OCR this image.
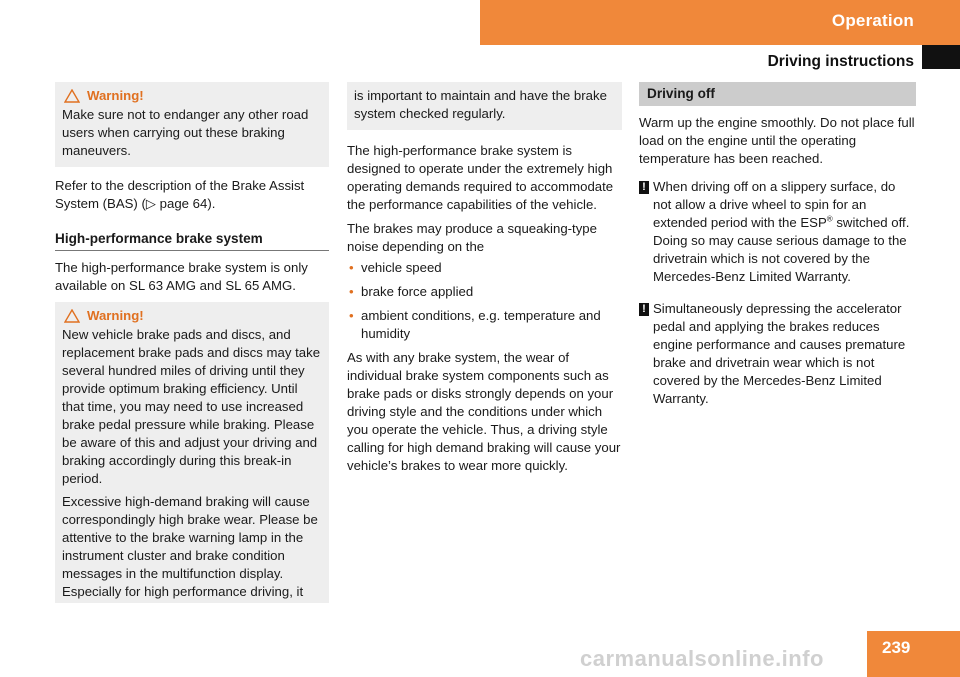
Operation
Driving instructions
Warning!

Make sure not to endanger any other road users when carrying out these braking maneuvers.

Refer to the description of the Brake Assist System (BAS) (▷ page 64).

High-performance brake system

The high-performance brake system is only available on SL 63 AMG and SL 65 AMG.

Warning!

New vehicle brake pads and discs, and replacement brake pads and discs may take several hundred miles of driving until they provide optimum braking efficiency. Until that time, you may need to use increased brake pedal pressure while braking. Please be aware of this and adjust your driving and braking accordingly during this break-in period.

Excessive high-demand braking will cause correspondingly high brake wear. Please be attentive to the brake warning lamp in the instrument cluster and brake condition messages in the multifunction display. Especially for high performance driving, it

is important to maintain and have the brake system checked regularly.

The high-performance brake system is designed to operate under the extremely high operating demands required to accommodate the performance capabilities of the vehicle.

The brakes may produce a squeaking-type noise depending on the

• vehicle speed
• brake force applied
• ambient conditions, e.g. temperature and humidity

As with any brake system, the wear of individual brake system components such as brake pads or disks strongly depends on your driving style and the conditions under which you operate the vehicle. Thus, a driving style calling for high demand braking will cause your vehicle’s brakes to wear more quickly.

Driving off

Warm up the engine smoothly. Do not place full load on the engine until the operating temperature has been reached.

! When driving off on a slippery surface, do not allow a drive wheel to spin for an extended period with the ESP® switched off. Doing so may cause serious damage to the drivetrain which is not covered by the Mercedes-Benz Limited Warranty.
! Simultaneously depressing the accelerator pedal and applying the brakes reduces engine performance and causes premature brake and drivetrain wear which is not covered by the Mercedes-Benz Limited Warranty.
239
carmanualsonline.info
